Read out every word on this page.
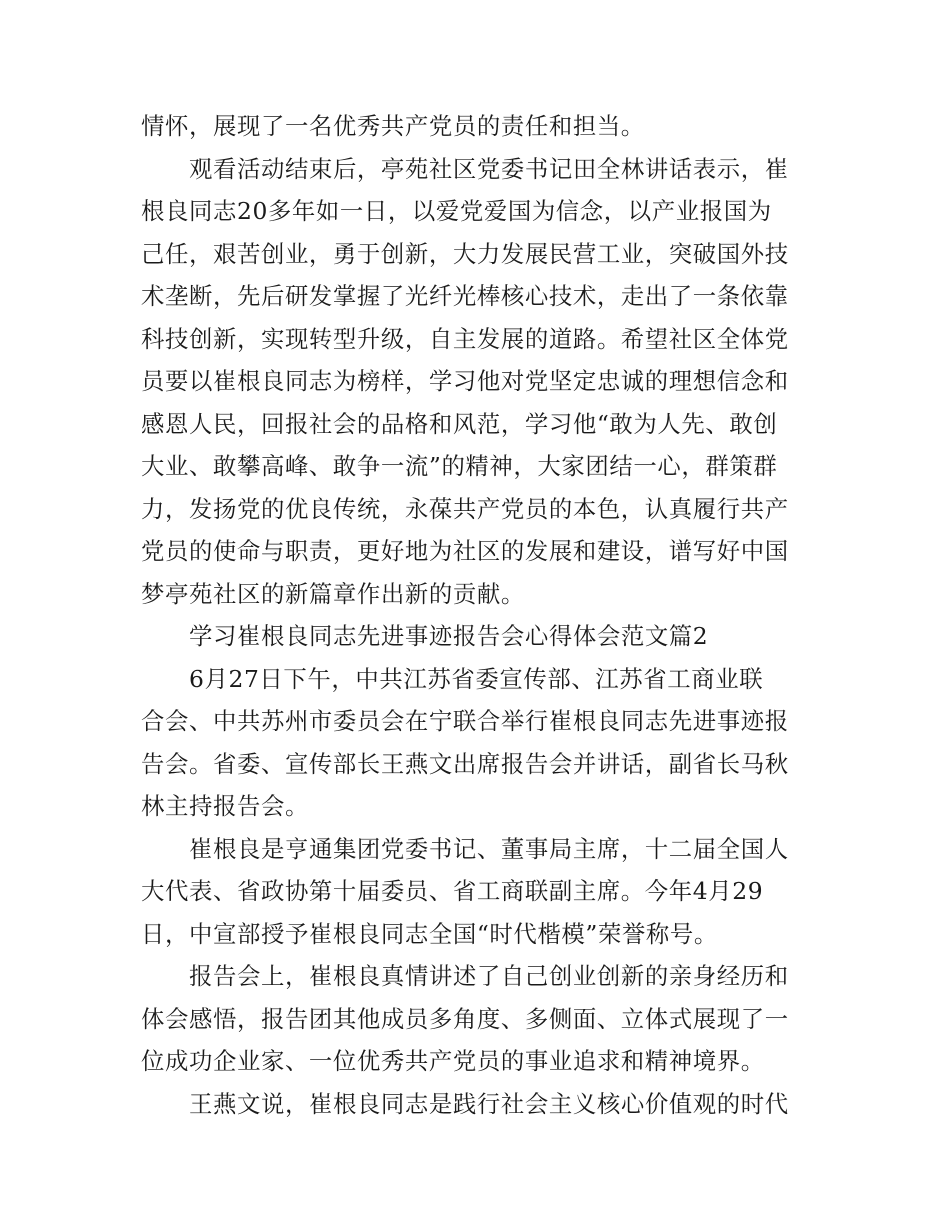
情怀，展现了一名优秀共产党员的责任和担当。
观看活动结束后，亭苑社区党委书记田全林讲话表示，崔
根良同志20多年如一日，以爱党爱国为信念，以产业报国为
己任，艰苦创业，勇于创新，大力发展民营工业，突破国外技
术垄断，先后研发掌握了光纤光棒核心技术，走出了一条依靠
科技创新，实现转型升级，自主发展的道路。希望社区全体党
员要以崔根良同志为榜样，学习他对党坚定忠诚的理想信念和
感恩人民，回报社会的品格和风范，学习他“敢为人先、敢创
大业、敢攀高峰、敢争一流”的精神，大家团结一心，群策群
力，发扬党的优良传统，永葆共产党员的本色，认真履行共产
党员的使命与职责，更好地为社区的发展和建设，谱写好中国
梦亭苑社区的新篇章作出新的贡献。
学习崔根良同志先进事迹报告会心得体会范文篇2
6月27日下午，中共江苏省委宣传部、江苏省工商业联
合会、中共苏州市委员会在宁联合举行崔根良同志先进事迹报
告会。省委、宣传部长王燕文出席报告会并讲话，副省长马秋
林主持报告会。
崔根良是亨通集团党委书记、董事局主席，十二届全国人
大代表、省政协第十届委员、省工商联副主席。今年4月29
日，中宣部授予崔根良同志全国“时代楷模”荣誉称号。
报告会上，崔根良真情讲述了自己创业创新的亲身经历和
体会感悟，报告团其他成员多角度、多侧面、立体式展现了一
位成功企业家、一位优秀共产党员的事业追求和精神境界。
王燕文说，崔根良同志是践行社会主义核心价值观的时代
